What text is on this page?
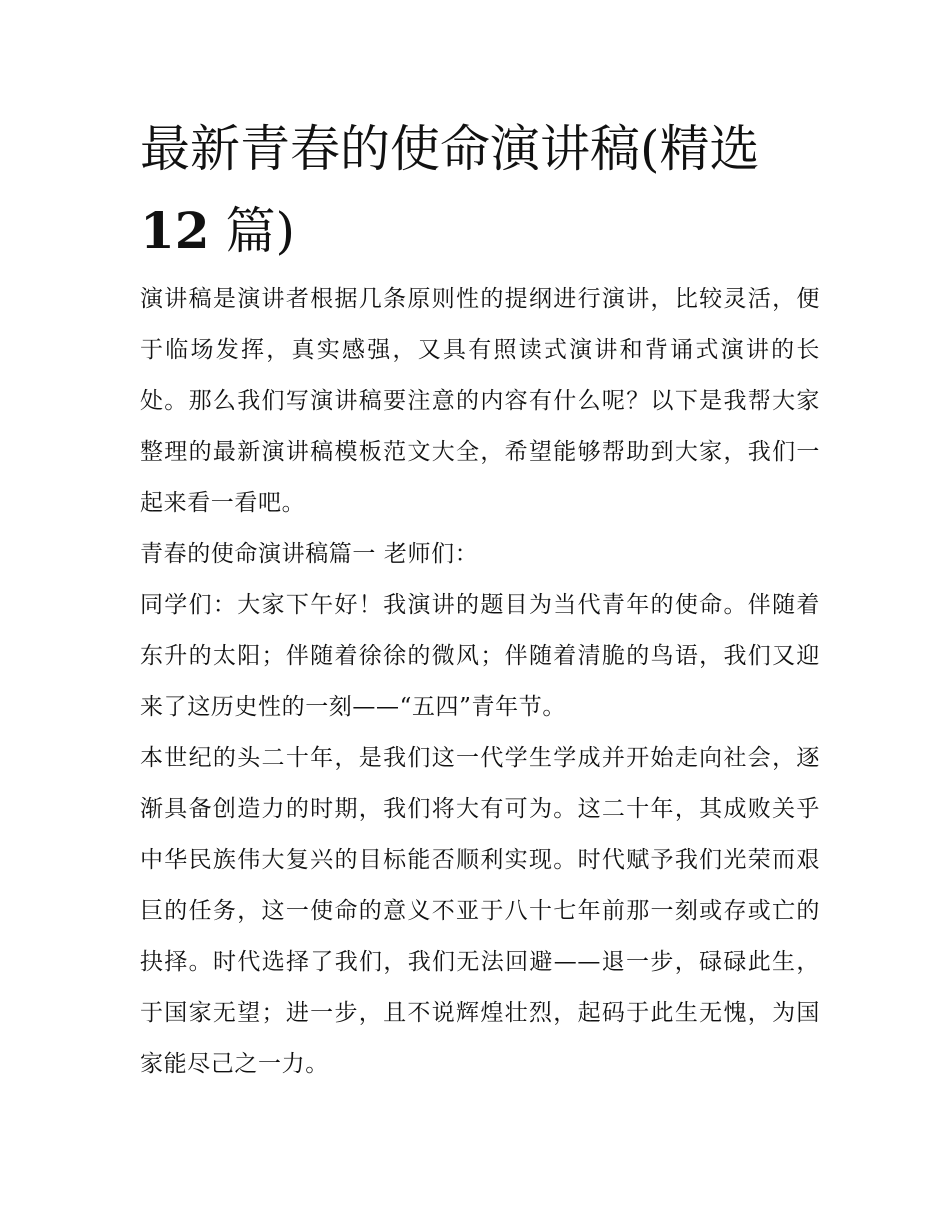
最新青春的使命演讲稿(精选
12 篇)

演讲稿是演讲者根据几条原则性的提纲进行演讲，比较灵活，便于临场发挥，真实感强，又具有照读式演讲和背诵式演讲的长处。那么我们写演讲稿要注意的内容有什么呢？以下是我帮大家整理的最新演讲稿模板范文大全，希望能够帮助到大家，我们一起来看一看吧。

青春的使命演讲稿篇一 老师们：

同学们：大家下午好！我演讲的题目为当代青年的使命。伴随着东升的太阳；伴随着徐徐的微风；伴随着清脆的鸟语，我们又迎来了这历史性的一刻——“五四”青年节。

本世纪的头二十年，是我们这一代学生学成并开始走向社会，逐渐具备创造力的时期，我们将大有可为。这二十年，其成败关乎中华民族伟大复兴的目标能否顺利实现。时代赋予我们光荣而艰巨的任务，这一使命的意义不亚于八十七年前那一刻或存或亡的抉择。时代选择了我们，我们无法回避——退一步，碌碌此生，于国家无望；进一步，且不说辉煌壮烈，起码于此生无愧，为国家能尽己之一力。
